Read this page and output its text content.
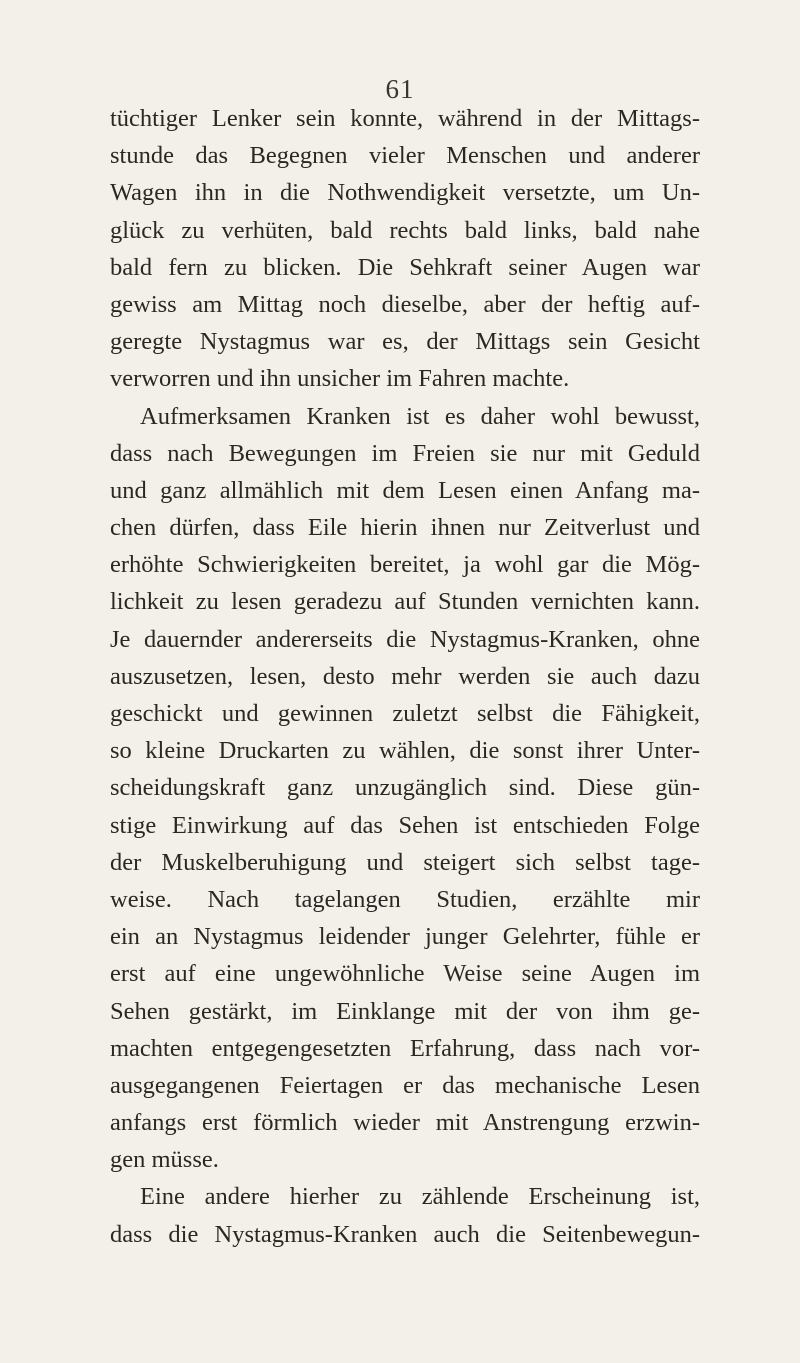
61
tüchtiger Lenker sein konnte, während in der Mittags-
stunde das Begegnen vieler Menschen und anderer
Wagen ihn in die Nothwendigkeit versetzte, um Un-
glück zu verhüten, bald rechts bald links, bald nahe
bald fern zu blicken. Die Sehkraft seiner Augen war
gewiss am Mittag noch dieselbe, aber der heftig auf-
geregte Nystagmus war es, der Mittags sein Gesicht
verworren und ihn unsicher im Fahren machte.
Aufmerksamen Kranken ist es daher wohl bewusst,
dass nach Bewegungen im Freien sie nur mit Geduld
und ganz allmählich mit dem Lesen einen Anfang ma-
chen dürfen, dass Eile hierin ihnen nur Zeitverlust und
erhöhte Schwierigkeiten bereitet, ja wohl gar die Mög-
lichkeit zu lesen geradezu auf Stunden vernichten kann.
Je dauernder andererseits die Nystagmus-Kranken, ohne
auszusetzen, lesen, desto mehr werden sie auch dazu
geschickt und gewinnen zuletzt selbst die Fähigkeit,
so kleine Druckarten zu wählen, die sonst ihrer Unter-
scheidungskraft ganz unzugänglich sind. Diese gün-
stige Einwirkung auf das Sehen ist entschieden Folge
der Muskelberuhigung und steigert sich selbst tage-
weise. Nach tagelangen Studien, erzählte mir
ein an Nystagmus leidender junger Gelehrter, fühle er
erst auf eine ungewöhnliche Weise seine Augen im
Sehen gestärkt, im Einklange mit der von ihm ge-
machten entgegengesetzten Erfahrung, dass nach vor-
ausgegangenen Feiertagen er das mechanische Lesen
anfangs erst förmlich wieder mit Anstrengung erzwin-
gen müsse.
Eine andere hierher zu zählende Erscheinung ist,
dass die Nystagmus-Kranken auch die Seitenbewegun-
